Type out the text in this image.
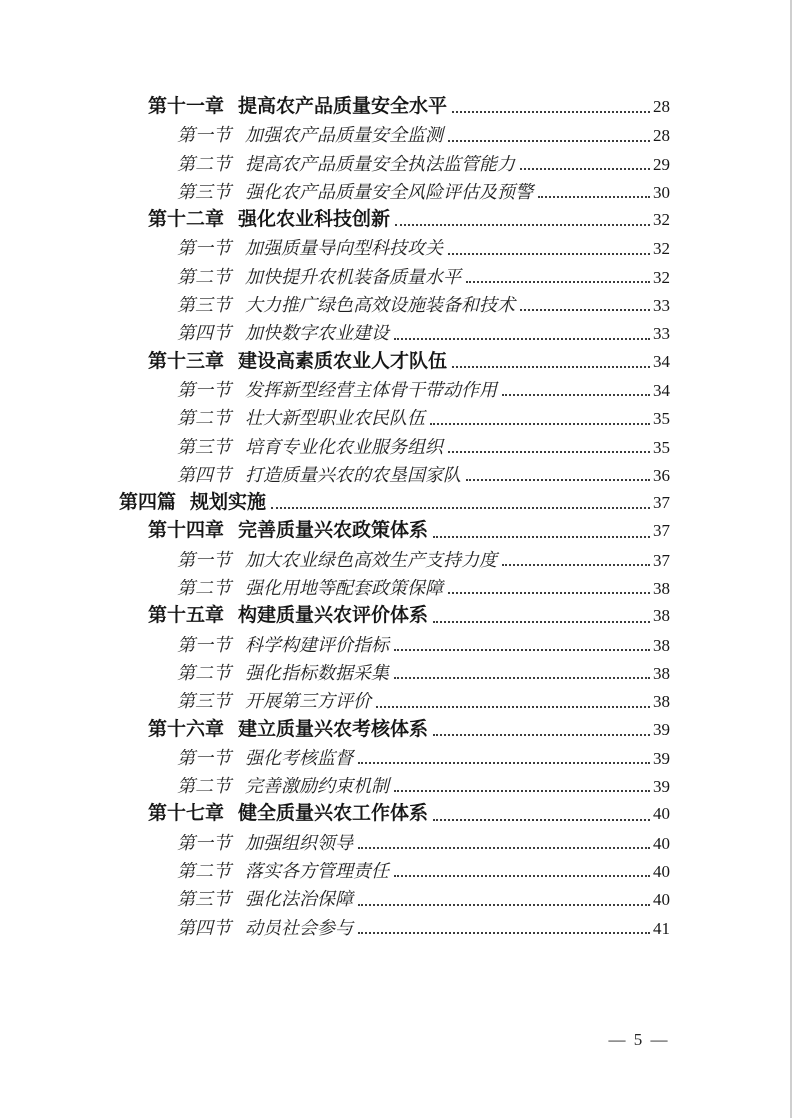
第十一章 提高农产品质量安全水平	28
第一节 加强农产品质量安全监测	28
第二节 提高农产品质量安全执法监管能力	29
第三节 强化农产品质量安全风险评估及预警	30
第十二章 强化农业科技创新	32
第一节 加强质量导向型科技攻关	32
第二节 加快提升农机装备质量水平	32
第三节 大力推广绿色高效设施装备和技术	33
第四节 加快数字农业建设	33
第十三章 建设高素质农业人才队伍	34
第一节 发挥新型经营主体骨干带动作用	34
第二节 壮大新型职业农民队伍	35
第三节 培育专业化农业服务组织	35
第四节 打造质量兴农的农垦国家队	36
第四篇 规划实施	37
第十四章 完善质量兴农政策体系	37
第一节 加大农业绿色高效生产支持力度	37
第二节 强化用地等配套政策保障	38
第十五章 构建质量兴农评价体系	38
第一节 科学构建评价指标	38
第二节 强化指标数据采集	38
第三节 开展第三方评价	38
第十六章 建立质量兴农考核体系	39
第一节 强化考核监督	39
第二节 完善激励约束机制	39
第十七章 健全质量兴农工作体系	40
第一节 加强组织领导	40
第二节 落实各方管理责任	40
第三节 强化法治保障	40
第四节 动员社会参与	41
— 5 —
